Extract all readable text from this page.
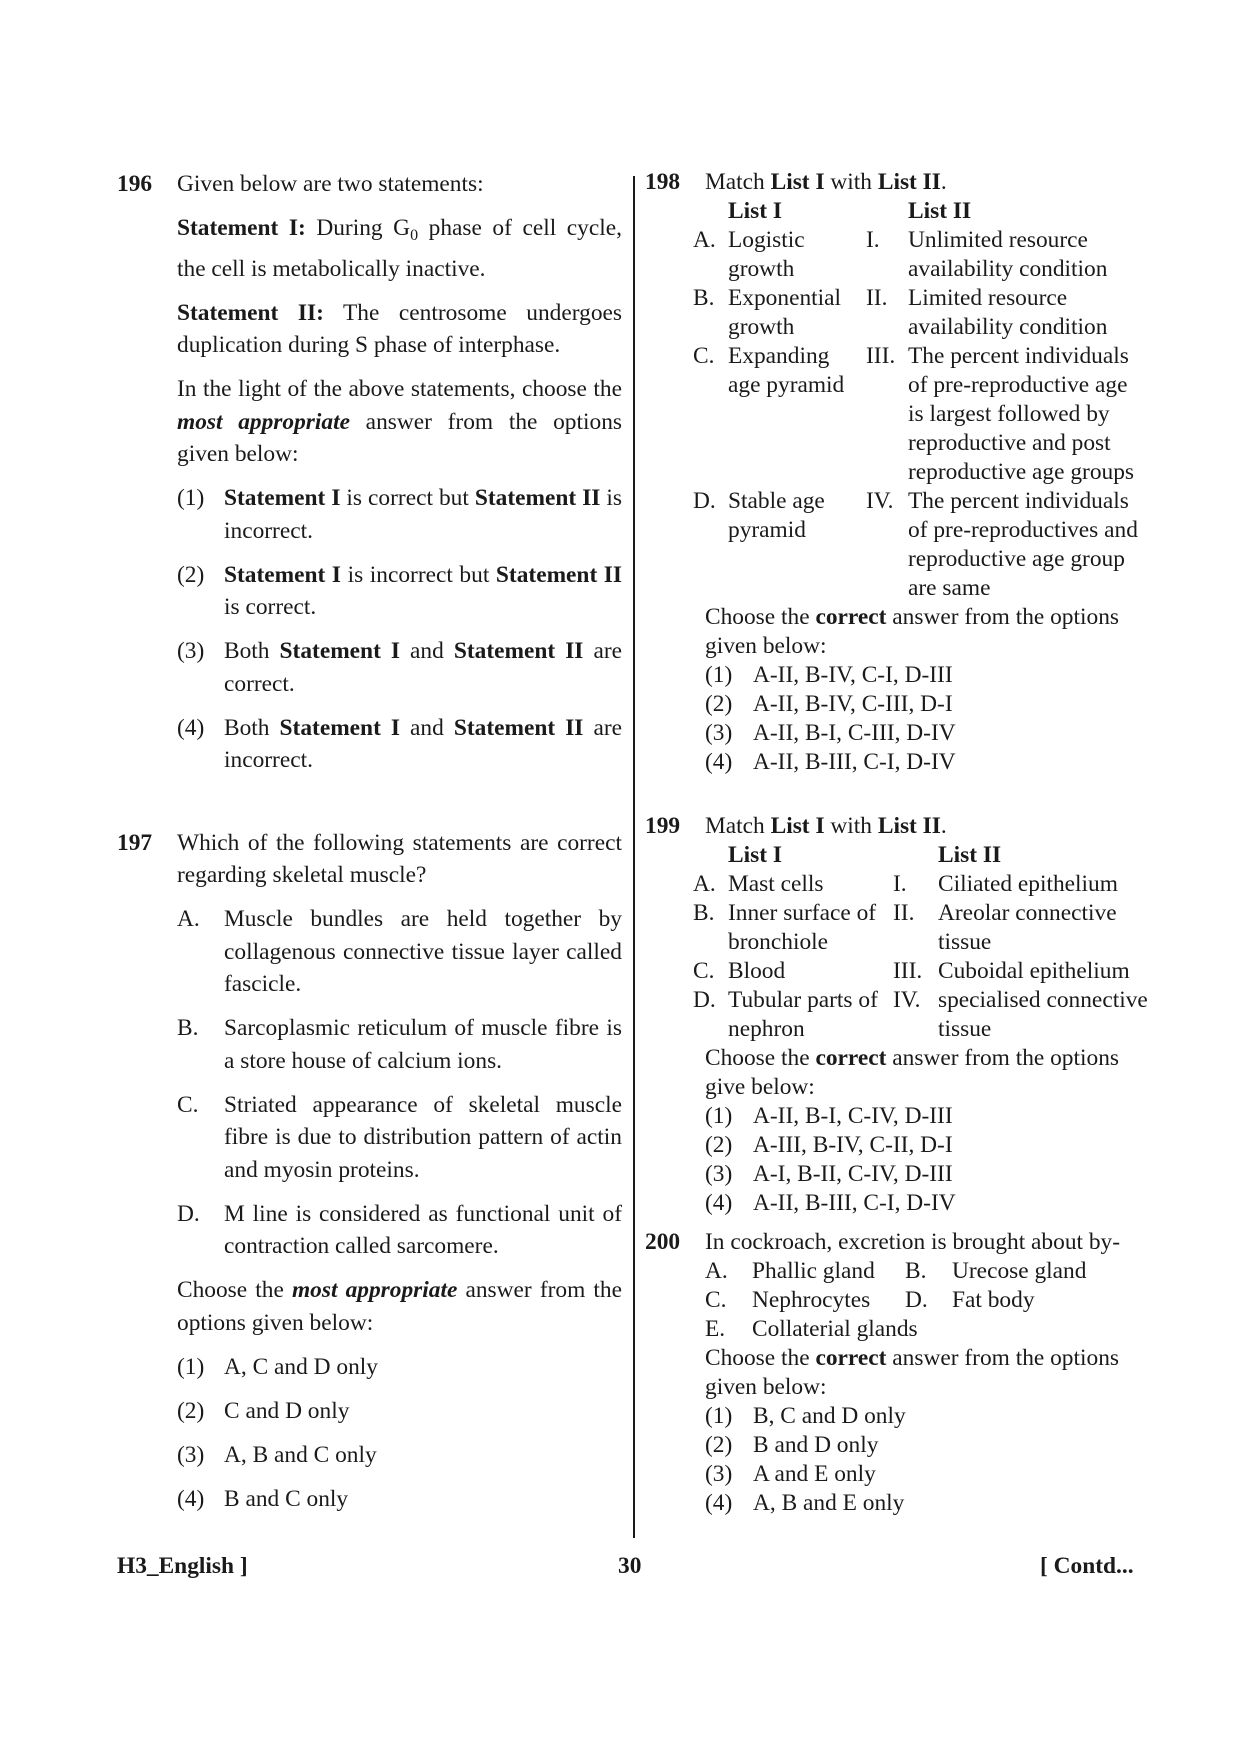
196 Given below are two statements:

Statement I: During $G_0$ phase of cell cycle, the cell is metabolically inactive.

Statement II: The centrosome undergoes duplication during S phase of interphase.

In the light of the above statements, choose the most appropriate answer from the options given below:

(1) Statement I is correct but Statement II is incorrect.
(2) Statement I is incorrect but Statement II is correct.
(3) Both Statement I and Statement II are correct.
(4) Both Statement I and Statement II are incorrect.
197 Which of the following statements are correct regarding skeletal muscle?

A. Muscle bundles are held together by collagenous connective tissue layer called fascicle.
B. Sarcoplasmic reticulum of muscle fibre is a store house of calcium ions.
C. Striated appearance of skeletal muscle fibre is due to distribution pattern of actin and myosin proteins.
D. M line is considered as functional unit of contraction called sarcomere.

Choose the most appropriate answer from the options given below:

(1) A, C and D only
(2) C and D only
(3) A, B and C only
(4) B and C only
198 Match List I with List II.
	List I		List II
A.	Logistic growth	I.	Unlimited resource availability condition
B.	Exponential growth	II.	Limited resource availability condition
C.	Expanding age pyramid	III.	The percent individuals of pre-reproductive age is largest followed by reproductive and post reproductive age groups
D.	Stable age pyramid	IV.	The percent individuals of pre-reproductives and reproductive age group are same
Choose the correct answer from the options given below:
(1) A-II, B-IV, C-I, D-III
(2) A-II, B-IV, C-III, D-I
(3) A-II, B-I, C-III, D-IV
(4) A-II, B-III, C-I, D-IV
199 Match List I with List II.
	List I		List II
A.	Mast cells	I.	Ciliated epithelium
B.	Inner surface of bronchiole	II.	Areolar connective tissue
C.	Blood	III.	Cuboidal epithelium
D.	Tubular parts of nephron	IV.	specialised connective tissue
Choose the correct answer from the options give below:
(1) A-II, B-I, C-IV, D-III
(2) A-III, B-IV, C-II, D-I
(3) A-I, B-II, C-IV, D-III
(4) A-II, B-III, C-I, D-IV
200 In cockroach, excretion is brought about by-
A. Phallic gland	B. Urecose gland
C. Nephrocytes	D. Fat body
E. Collaterial glands
Choose the correct answer from the options given below:
(1) B, C and D only
(2) B and D only
(3) A and E only
(4) A, B and E only
H3_English ]	30	[ Contd...
